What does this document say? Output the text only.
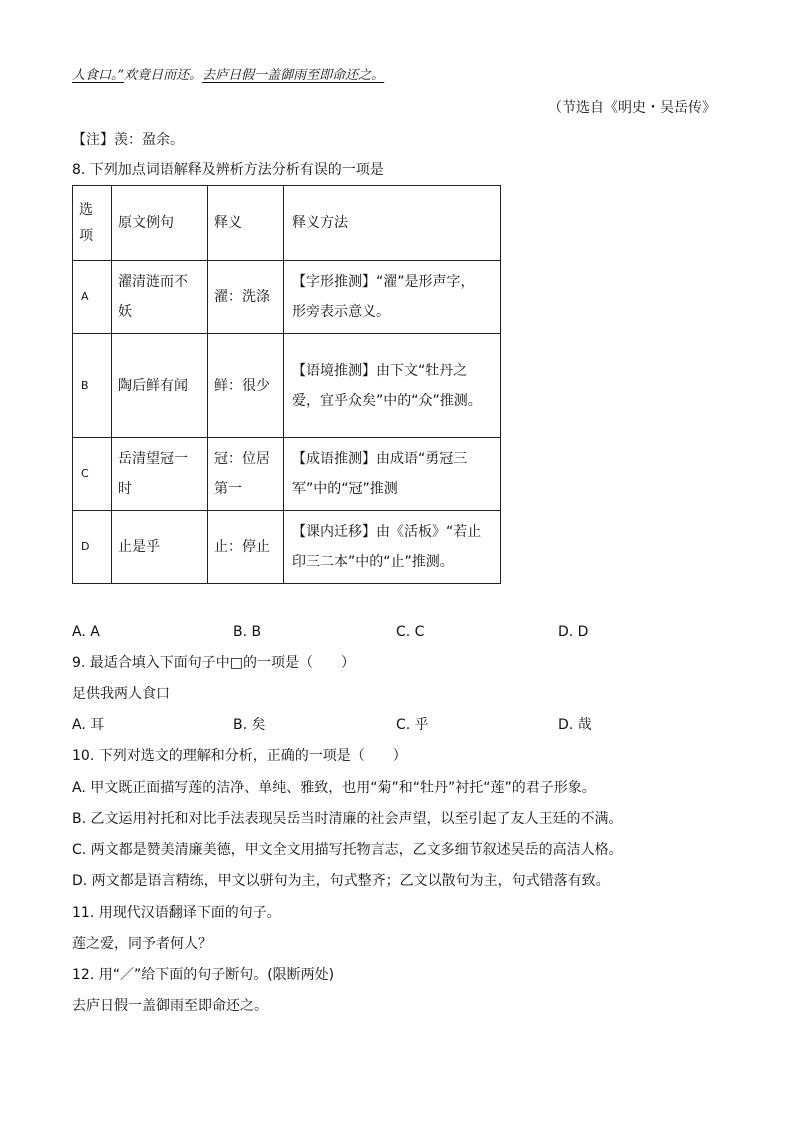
人食口。”欢竟日而还。去庐日假一盖御雨至即命还之。
（节选自《明史・吴岳传》
【注】羡：盈余。
8. 下列加点词语解释及辨析方法分析有误的一项是
选项	原文例句	释义	释义方法
A	濯清涟而不妖	濯：洗涤	【字形推测】“濯”是形声字，形旁表示意义。

B	陶后鲜有闻	鲜：很少	【语境推测】由下文“牡丹之爱，宜乎众矣”中的“众”推测。

C	岳清望冠一时	冠：位居第一	【成语推测】由成语“勇冠三军”中的“冠”推测

D	止是乎	止：停止	【课内迁移】由《活板》“若止印三二本”中的“止”推测。
A. A	B. B	C. C	D. D
9. 最适合填入下面句子中□的一项是（　　）
足供我两人食口
A. 耳	B. 矣	C. 乎	D. 哉
10. 下列对选文的理解和分析，正确的一项是（　　）
A. 甲文既正面描写莲的洁净、单纯、雅致，也用“菊”和“牡丹”衬托“莲”的君子形象。
B. 乙文运用衬托和对比手法表现吴岳当时清廉的社会声望，以至引起了友人王廷的不满。
C. 两文都是赞美清廉美德，甲文全文用描写托物言志，乙文多细节叙述吴岳的高洁人格。
D. 两文都是语言精练，甲文以骈句为主，句式整齐；乙文以散句为主，句式错落有致。
11. 用现代汉语翻译下面的句子。
莲之爱，同予者何人？
12. 用“／”给下面的句子断句。(限断两处)
去庐日假一盖御雨至即命还之。
